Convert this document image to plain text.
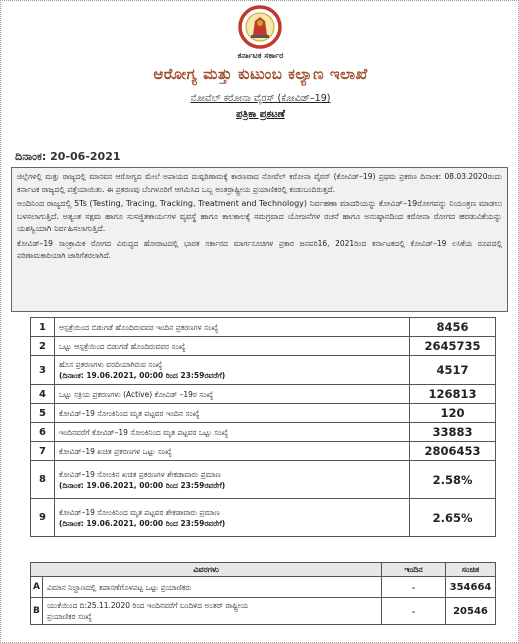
ಕರ್ನಾಟಕ ಸರ್ಕಾರ
ಆರೋಗ್ಯ ಮತ್ತು ಕುಟುಂಬ ಕಲ್ಯಾಣ ಇಲಾಖೆ
ನೋವೆಲ್ ಕರೋನಾ ವೈರಸ್ (ಕೋವಿಡ್–19)
ಪತ್ರಿಕಾ ಪ್ರಕಟಣೆ
ದಿನಾಂಕ: 20-06-2021

ಜಿಲ್ಲೆಗಳಲ್ಲಿ ಮತ್ತು ರಾಜ್ಯದಲ್ಲಿ ಮಾನವನ ಆರೋಗ್ಯದ ಮೇಲೆ ಅಪಾಯದ ದುಷ್ಪರಿಣಾಮಕ್ಕೆ ಕಾರಣವಾದ ನೋವೆಲ್ ಕರೋನಾ ವೈರಸ್ (ಕೋವಿಡ್–19) ಪ್ರಥಮ ಪ್ರಕರಣ ದಿನಾಂಕ: 08.03.2020ರಂದು ಕರ್ನಾಟಕ ರಾಜ್ಯದಲ್ಲಿ ಪತ್ತೆಯಾಯಿತು. ಈ ಪ್ರಕರಣವು ಬೆಂಗಳೂರಿಗೆ ಆಗಮಿಸಿದ ಒಬ್ಬ ಅಂತರ್ರಾಷ್ಟ್ರೀಯ ಪ್ರಯಾಣಿಕರಲ್ಲಿ ಕಂಡುಬಂದಿರುತ್ತದೆ.

ಅಂದಿನಿಂದ ರಾಜ್ಯದಲ್ಲಿ 5Ts (Testing, Tracing, Tracking, Treatment and Technology) ನಿರ್ವಹಣಾ ಮಾದರಿಯನ್ನು ಕೋವಿಡ್–19ರೋಗವನ್ನು ನಿಯಂತ್ರಣ ಮಾಡಲು ಬಳಸಲಾಗುತ್ತಿದೆ. ಅತ್ಯಂತ ಸಕ್ಷಮ ಹಾಗೂ ಸುಸಜ್ಜಿತಕಾರ್ಯಗಳ ವ್ಯವಸ್ಥೆ ಹಾಗೂ ಕಾಲಕಾಲಕ್ಕೆ ಸಮಗ್ರವಾದ ಯೋಜನೆಗಳ ರಚನೆ ಹಾಗೂ ಅನುಷ್ಠಾನದಿಂದ ಕರೋನಾ ರೋಗದ ಹರಡುವಿಕೆಯನ್ನು ಯಶಸ್ವಿಯಾಗಿ ನಿರ್ವಹಿಸಲಾಗುತ್ತಿದೆ.

ಕೋವಿಡ್–19 ಸಾಂಕ್ರಾಮಿಕ ರೋಗದ ವಿರುದ್ಧದ ಹೋರಾಟದಲ್ಲಿ ಭಾರತ ಸರ್ಕಾರದ ಮಾರ್ಗಸೂಚಿಗಳ ಪ್ರಕಾರ ಜನವರಿ16, 2021ರಿಂದ ಕರ್ನಾಟಕದಲ್ಲಿ ಕೋವಿಡ್–19 ಲಸಿಕೆಯ ರೂಪದಲ್ಲಿ ಪರಿಣಾಮಕಾರಿಯಾಗಿ ಜಾರಿಗೆತರಲಾಗಿದೆ.

1	ಆಸ್ಪತ್ರೆಯಿಂದ ಬಿಡುಗಡೆ ಹೊಂದಿರುವವರ ಇಂದಿನ ಪ್ರಕರಣಗಳ ಸಂಖ್ಯೆ	8456
2	ಒಟ್ಟು ಆಸ್ಪತ್ರೆಯಿಂದ ಬಿಡುಗಡೆ ಹೊಂದಿರುವವರ ಸಂಖ್ಯೆ	2645735
3	ಹೊಸ ಪ್ರಕರಣಗಳು ವರದಿಯಾಗಿರುವ ಸಂಖ್ಯೆ
(ದಿನಾಂಕ: 19.06.2021, 00:00 ರಿಂದ 23:59ರವರೆಗೆ)	4517
4	ಒಟ್ಟು ಸಕ್ರಿಯ ಪ್ರಕರಣಗಳು (Active) ಕೋವಿಡ್ –19ರ ಸಂಖ್ಯೆ	126813
5	ಕೋವಿಡ್–19 ಸೋಂಕಿನಿಂದ ಮೃತ ಪಟ್ಟವರ ಇಂದಿನ ಸಂಖ್ಯೆ	120
6	ಇಂದಿನವರೆಗೆ ಕೋವಿಡ್–19 ಸೋಂಕಿನಿಂದ ಮೃತ ಪಟ್ಟವರ ಒಟ್ಟು ಸಂಖ್ಯೆ	33883
7	ಕೋವಿಡ್–19 ಖಚಿತ ಪ್ರಕರಣಗಳ ಒಟ್ಟು ಸಂಖ್ಯೆ	2806453
8	ಕೋವಿಡ್–19 ಸೋಂಕಿನ ಖಚಿತ ಪ್ರಕರಣಗಳ ಶೇಕಡಾವಾರು ಪ್ರಮಾಣ
(ದಿನಾಂಕ: 19.06.2021, 00:00 ರಿಂದ 23:59ರವರೆಗೆ)	2.58%
9	ಕೋವಿಡ್–19 ಸೋಂಕಿನಿಂದ ಮೃತ ಪಟ್ಟವರ ಶೇಕಡಾವಾರು ಪ್ರಮಾಣ
(ದಿನಾಂಕ: 19.06.2021, 00:00 ರಿಂದ 23:59ರವರೆಗೆ)	2.65%
ವಿವರಗಳು		ಇಂದಿನ	ಸಂಚಿತ
A	ವಿಮಾನ ನಿಲ್ದಾಣದಲ್ಲಿ ತಪಾಸಣೆಗೊಳಪಟ್ಟ ಒಟ್ಟು ಪ್ರಯಾಣಿಕರು	-	354664
B	ಯುಕೆಯಿಂದ ದಿ:25.11.2020 ರಿಂದ ಇಂದಿನವರೆಗೆ ಬಂದಿಳಿದ ಅಂತರ್ ರಾಷ್ಟ್ರೀಯ
ಪ್ರಯಾಣಿಕರ ಸಂಖ್ಯೆ	-	20546
